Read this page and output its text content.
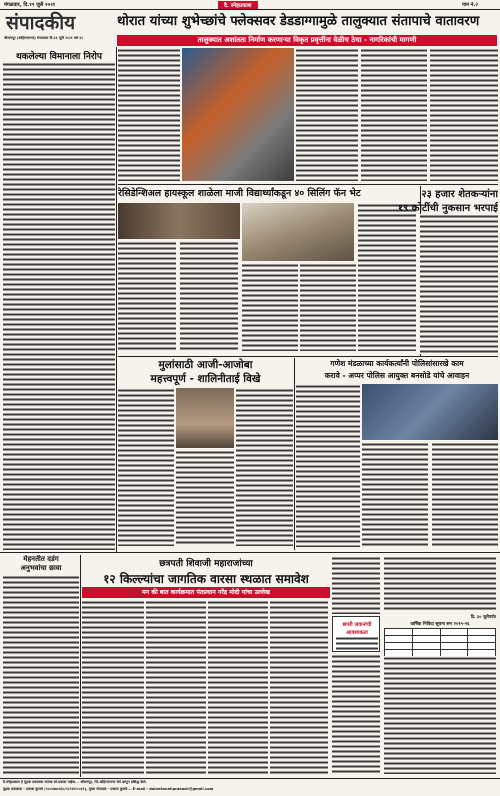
मंगळवार, दि.११ जुलै २०२१	दै. स्नेहप्रकाश	पान नं.२
संपादकीय
श्रीरामपूर (अहिल्यानगर) मंगळवार दि.११ जुलै २०२१ वर्ष ३२
थोरात यांच्या शुभेच्छांचे फ्लेक्सवर डेडडाग्गामुळे तालुक्यात संतापाचे वातावरण
तालुक्यात अशांतता निर्माण करणाऱ्या विकृत प्रवृत्तींना वेळीच ठेचा - नागरिकांची मागणी
थकलेल्या विमानाला निरोप
रेसिडेन्शिअल हायस्कूल शाळेला माजी विद्यार्थ्यांकडून ४० सिलिंग फॅन भेट	२३ हजार शेतकऱ्यांना
१९ कोटींची नुकसान भरपाई
मुलांसाठी आजी-आजोबा
महत्त्वपूर्ण - शालिनीताई विखे
गणेश मंडळाच्या कार्यकर्त्यांनी पोलिसांसारखे काम
करावे - अप्पर पोलिस आयुक्त बनसोडे यांचे आवाहन
मेहनतीत दडंग
अनुभवांचा छावा	छत्रपती शिवाजी महाराजांच्या
१२ किल्ल्यांचा जागतिक वारसा स्थळात समावेश
मन की बात कार्यक्रमात पंतप्रधान नरेंद्र मोदी यांचा उल्लेख
छपरी जवानांची
आवश्यकता
दि. ३० जुलैपर्यंत
वार्षिक निविदा सूचना सन २०२५-२६

दै.स्नेहप्रकाश हे मुद्रक प्रकाशक मालक डॉ.प्रकाश नाईक... श्रीरामपूर, जि.अहिल्यानगर येथे छापून प्रसिद्ध केले.
मुद्रक प्रकाशक - प्रकाश कुलथे (९८५०७७०४६०/९८२१४२८०३१), मुख्य संपादक - प्रकाश कुलथे... E-mail - daineksnehprakash@gmail.com
